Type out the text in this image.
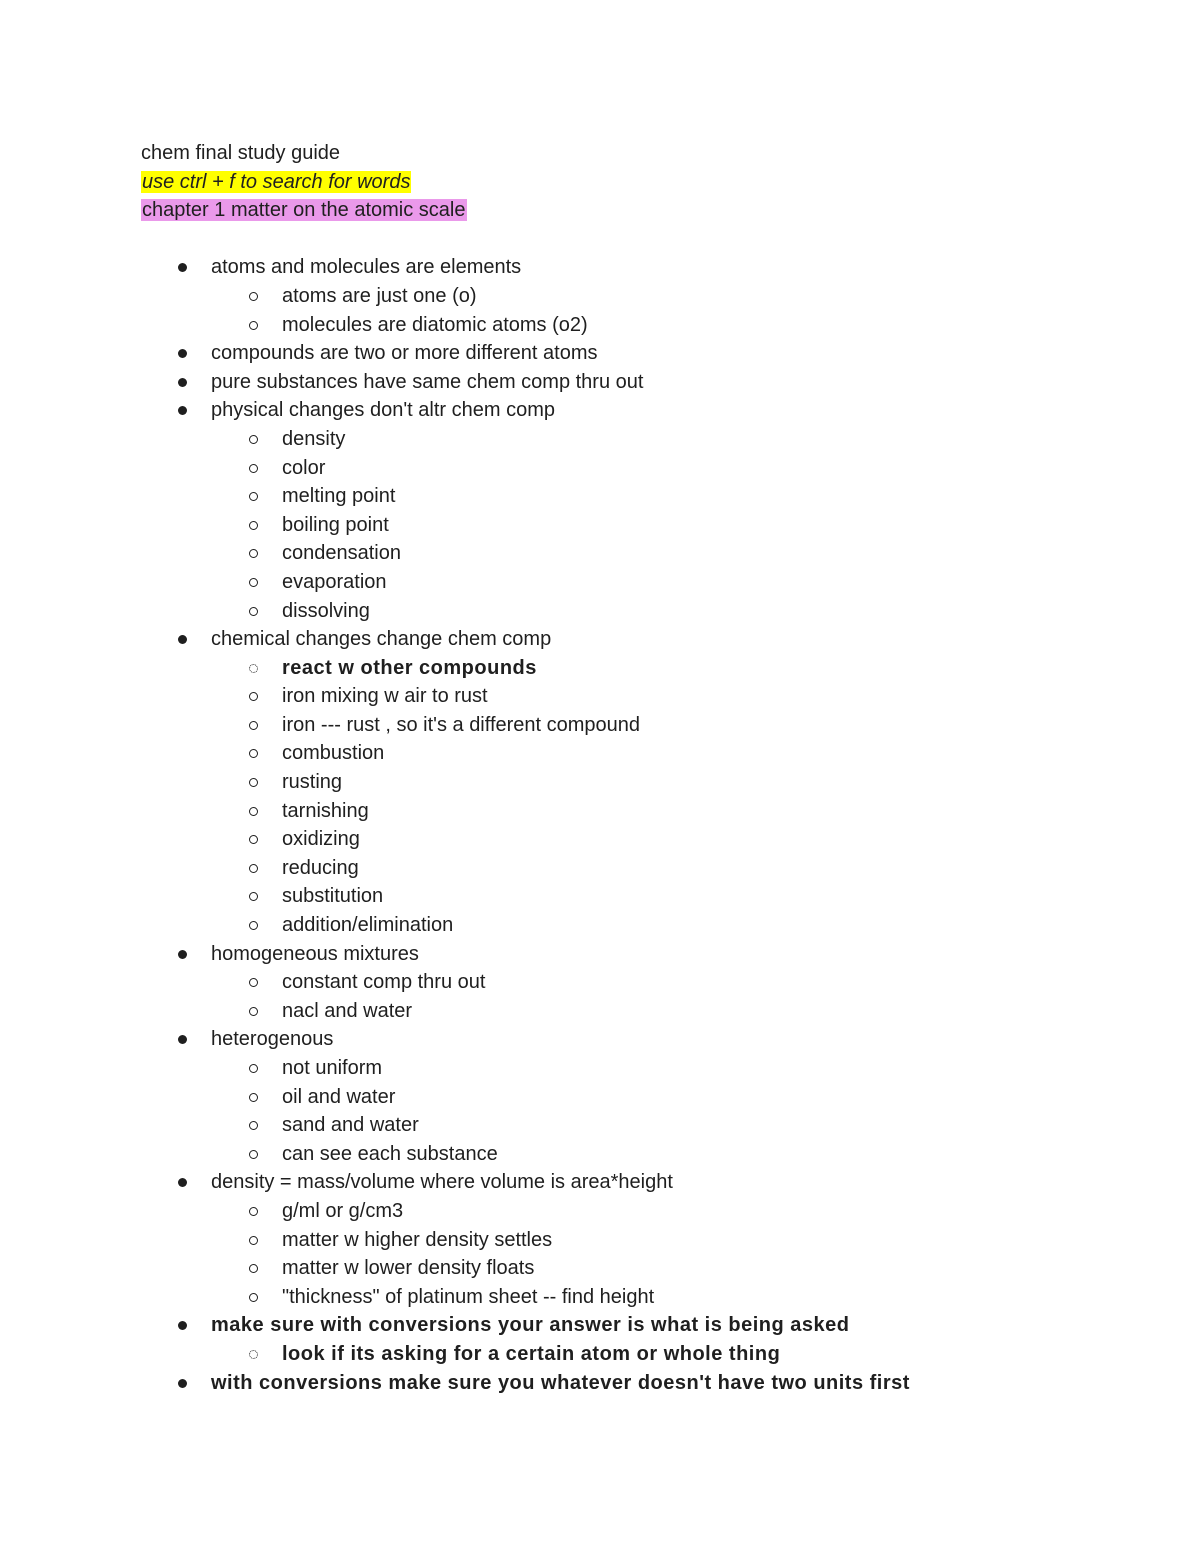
chem final study guide
use ctrl + f to search for words
chapter 1 matter on the atomic scale
atoms and molecules are elements
atoms are just one (o)
molecules are diatomic atoms (o2)
compounds are two or more different atoms
pure substances have same chem comp thru out
physical changes don't altr chem comp
density
color
melting point
boiling point
condensation
evaporation
dissolving
chemical changes change chem comp
react w other compounds
iron mixing w air to rust
iron --- rust , so it's a different compound
combustion
rusting
tarnishing
oxidizing
reducing
substitution
addition/elimination
homogeneous mixtures
constant comp thru out
nacl and water
heterogenous
not uniform
oil and water
sand and water
can see each substance
density = mass/volume where volume is area*height
g/ml or g/cm3
matter w higher density settles
matter w lower density floats
"thickness" of platinum sheet -- find height
make sure with conversions your answer is what is being asked
look if its asking for a certain atom or whole thing
with conversions make sure you whatever doesn't have two units first
